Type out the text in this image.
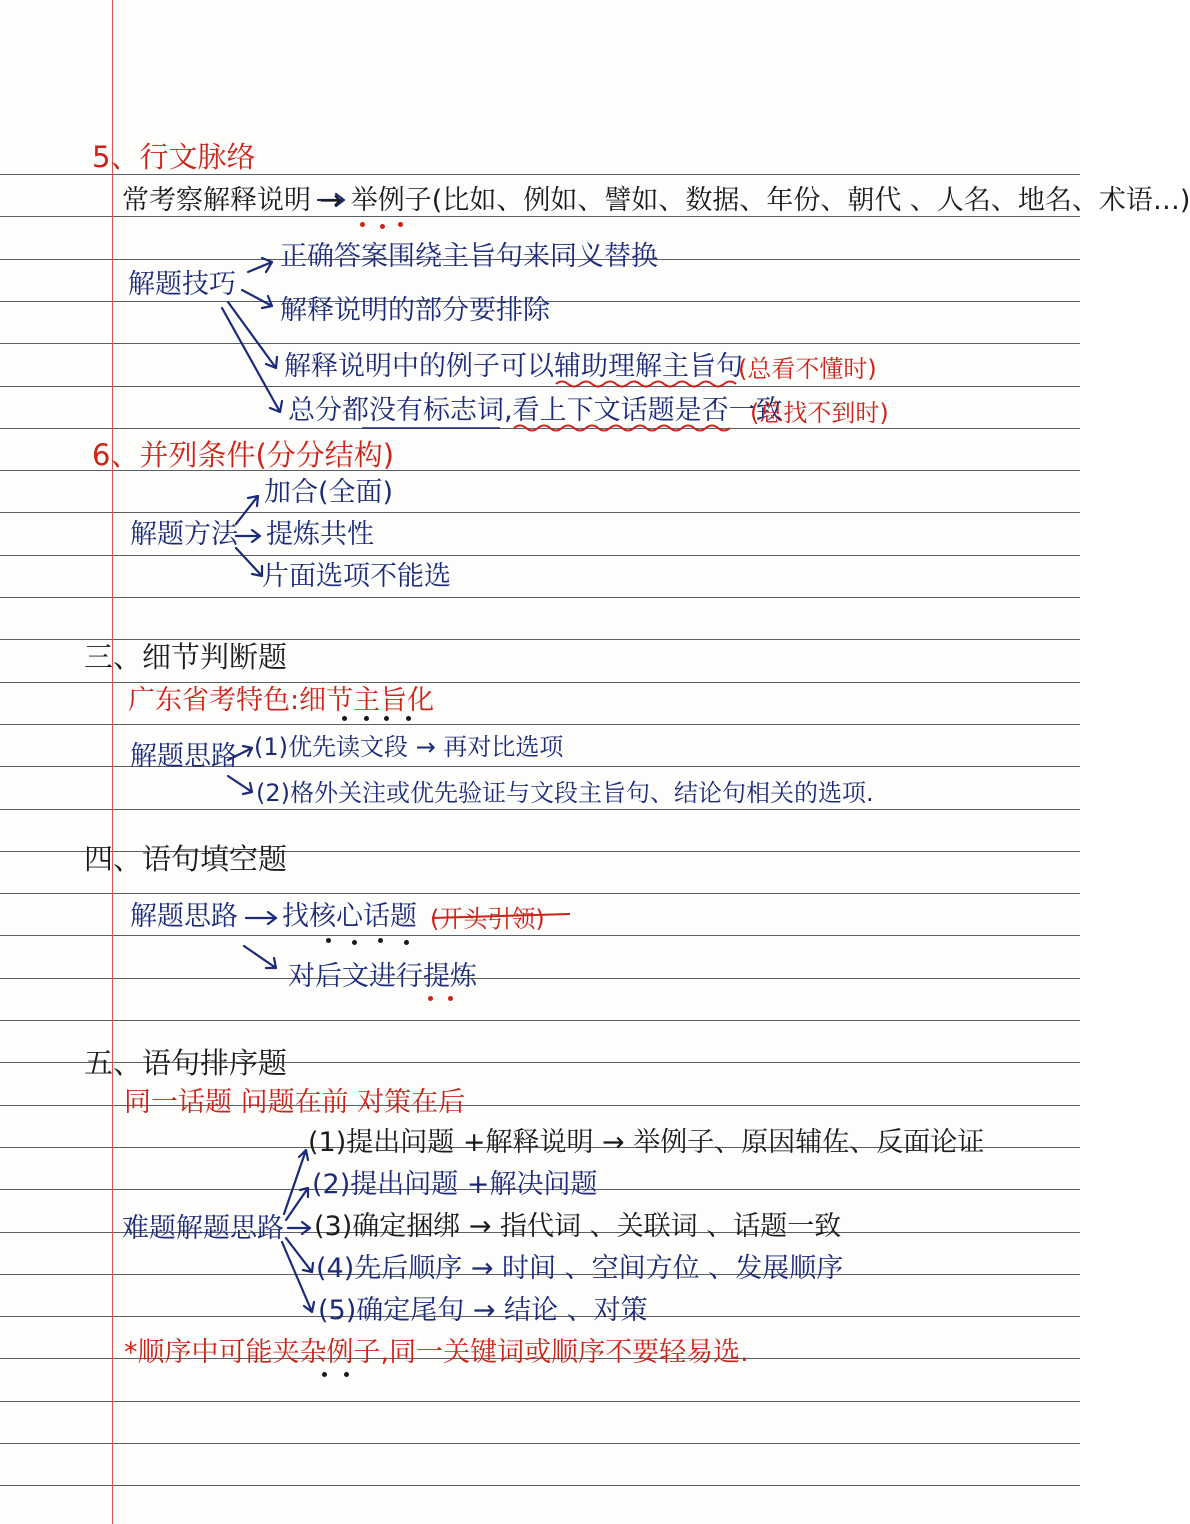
5、行文脉络
常考察解释说明 → 举例子(比如、例如、譬如、数据、年份、朝代 、人名、地名、术语…)
解题技巧
正确答案围绕主旨句来同义替换
解释说明的部分要排除
解释说明中的例子可以辅助理解主旨句
(总看不懂时)
总分都没有标志词,看上下文话题是否一致
(总找不到时)
6、并列条件(分分结构)
解题方法
加合(全面)
提炼共性
片面选项不能选
三、细节判断题
广东省考特色:细节主旨化
解题思路 (1)优先读文段 → 再对比选项
(2)格外关注或优先验证与文段主旨句、结论句相关的选项.
四、语句填空题
解题思路 找核心话题 (开头引领)
对后文进行提炼
五、语句排序题
同一话题 问题在前 对策在后
难题解题思路
(1)提出问题 +解释说明 → 举例子、原因辅佐、反面论证
(2)提出问题 +解决问题
(3)确定捆绑 → 指代词 、关联词 、话题一致
(4)先后顺序 → 时间 、空间方位 、发展顺序
(5)确定尾句 → 结论 、对策
*顺序中可能夹杂例子,同一关键词或顺序不要轻易选.
